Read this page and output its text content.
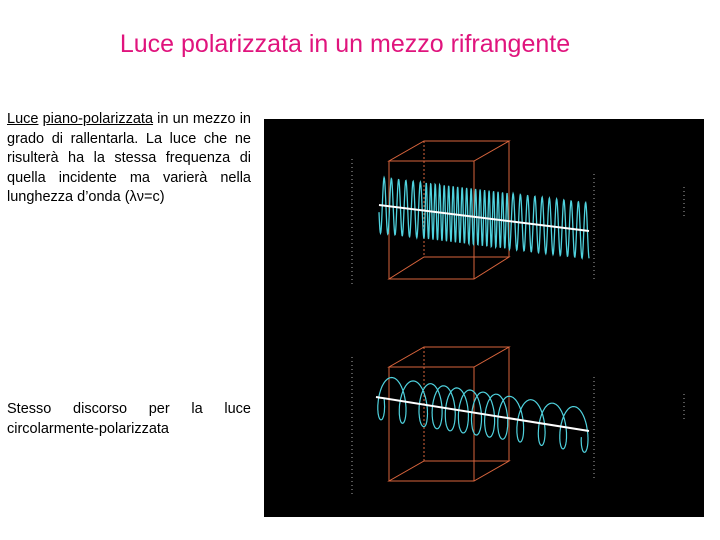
Luce polarizzata in un mezzo rifrangente
Luce piano-polarizzata in un mezzo in grado di rallentarla. La luce che ne risulterà ha la stessa frequenza di quella incidente ma varierà nella lunghezza d’onda (λν=c)
Stesso discorso per la luce circolarmente-polarizzata
